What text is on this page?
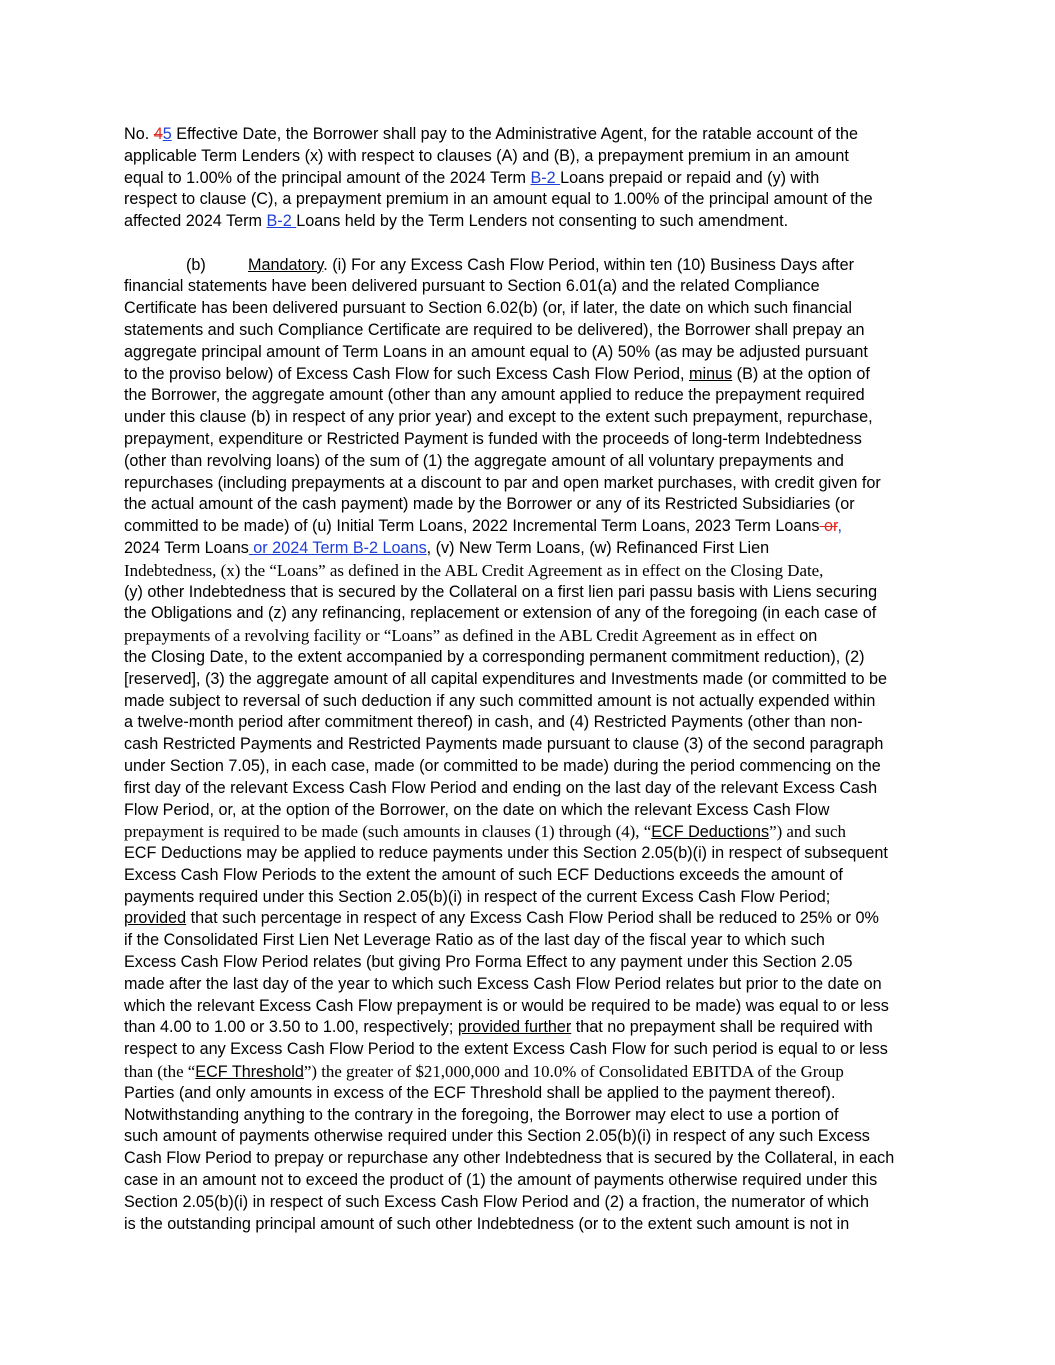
No. 45 Effective Date, the Borrower shall pay to the Administrative Agent, for the ratable account of the
applicable Term Lenders (x) with respect to clauses (A) and (B), a prepayment premium in an amount
equal to 1.00% of the principal amount of the 2024 Term B-2 Loans prepaid or repaid and (y) with
respect to clause (C), a prepayment premium in an amount equal to 1.00% of the principal amount of the
affected 2024 Term B-2 Loans held by the Term Lenders not consenting to such amendment.
(b)	Mandatory. (i) For any Excess Cash Flow Period, within ten (10) Business Days after
financial statements have been delivered pursuant to Section 6.01(a) and the related Compliance
Certificate has been delivered pursuant to Section 6.02(b) (or, if later, the date on which such financial
statements and such Compliance Certificate are required to be delivered), the Borrower shall prepay an
aggregate principal amount of Term Loans in an amount equal to (A) 50% (as may be adjusted pursuant
to the proviso below) of Excess Cash Flow for such Excess Cash Flow Period, minus (B) at the option of
the Borrower, the aggregate amount (other than any amount applied to reduce the prepayment required
under this clause (b) in respect of any prior year) and except to the extent such prepayment, repurchase,
prepayment, expenditure or Restricted Payment is funded with the proceeds of long-term Indebtedness
(other than revolving loans) of the sum of (1) the aggregate amount of all voluntary prepayments and
repurchases (including prepayments at a discount to par and open market purchases, with credit given for
the actual amount of the cash payment) made by the Borrower or any of its Restricted Subsidiaries (or
committed to be made) of (u) Initial Term Loans, 2022 Incremental Term Loans, 2023 Term Loans or,
2024 Term Loans or 2024 Term B-2 Loans, (v) New Term Loans, (w) Refinanced First Lien
Indebtedness, (x) the “Loans” as defined in the ABL Credit Agreement as in effect on the Closing Date,
(y) other Indebtedness that is secured by the Collateral on a first lien pari passu basis with Liens securing
the Obligations and (z) any refinancing, replacement or extension of any of the foregoing (in each case of
prepayments of a revolving facility or “Loans” as defined in the ABL Credit Agreement as in effect on
the Closing Date, to the extent accompanied by a corresponding permanent commitment reduction), (2)
[reserved], (3) the aggregate amount of all capital expenditures and Investments made (or committed to be
made subject to reversal of such deduction if any such committed amount is not actually expended within
a twelve-month period after commitment thereof) in cash, and (4) Restricted Payments (other than non-
cash Restricted Payments and Restricted Payments made pursuant to clause (3) of the second paragraph
under Section 7.05), in each case, made (or committed to be made) during the period commencing on the
first day of the relevant Excess Cash Flow Period and ending on the last day of the relevant Excess Cash
Flow Period, or, at the option of the Borrower, on the date on which the relevant Excess Cash Flow
prepayment is required to be made (such amounts in clauses (1) through (4), “ECF Deductions”) and such
ECF Deductions may be applied to reduce payments under this Section 2.05(b)(i) in respect of subsequent
Excess Cash Flow Periods to the extent the amount of such ECF Deductions exceeds the amount of
payments required under this Section 2.05(b)(i) in respect of the current Excess Cash Flow Period;
provided that such percentage in respect of any Excess Cash Flow Period shall be reduced to 25% or 0%
if the Consolidated First Lien Net Leverage Ratio as of the last day of the fiscal year to which such
Excess Cash Flow Period relates (but giving Pro Forma Effect to any payment under this Section 2.05
made after the last day of the year to which such Excess Cash Flow Period relates but prior to the date on
which the relevant Excess Cash Flow prepayment is or would be required to be made) was equal to or less
than 4.00 to 1.00 or 3.50 to 1.00, respectively; provided further that no prepayment shall be required with
respect to any Excess Cash Flow Period to the extent Excess Cash Flow for such period is equal to or less
than (the “ECF Threshold”) the greater of $21,000,000 and 10.0% of Consolidated EBITDA of the Group
Parties (and only amounts in excess of the ECF Threshold shall be applied to the payment thereof).
Notwithstanding anything to the contrary in the foregoing, the Borrower may elect to use a portion of
such amount of payments otherwise required under this Section 2.05(b)(i) in respect of any such Excess
Cash Flow Period to prepay or repurchase any other Indebtedness that is secured by the Collateral, in each
case in an amount not to exceed the product of (1) the amount of payments otherwise required under this
Section 2.05(b)(i) in respect of such Excess Cash Flow Period and (2) a fraction, the numerator of which
is the outstanding principal amount of such other Indebtedness (or to the extent such amount is not in
